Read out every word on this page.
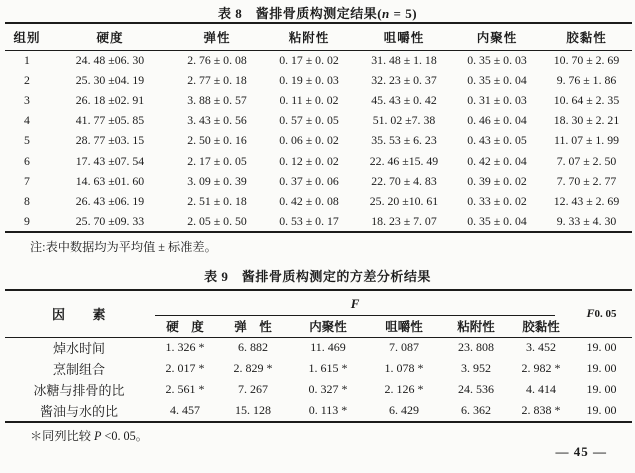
表 8　酱排骨质构测定结果(n = 5)
组别	硬度	弹性	粘附性	咀嚼性	内聚性	胶黏性
1	24. 48 ±06. 30	2. 76 ± 0. 08	0. 17 ± 0. 02	31. 48 ± 1. 18	0. 35 ± 0. 03	10. 70 ± 2. 69
2	25. 30 ±04. 19	2. 77 ± 0. 18	0. 19 ± 0. 03	32. 23 ± 0. 37	0. 35 ± 0. 04	9. 76 ± 1. 86
3	26. 18 ±02. 91	3. 88 ± 0. 57	0. 11 ± 0. 02	45. 43 ± 0. 42	0. 31 ± 0. 03	10. 64 ± 2. 35
4	41. 77 ±05. 85	3. 43 ± 0. 56	0. 57 ± 0. 05	51. 02 ±7. 38	0. 46 ± 0. 04	18. 30 ± 2. 21
5	28. 77 ±03. 15	2. 50 ± 0. 16	0. 06 ± 0. 02	35. 53 ± 6. 23	0. 43 ± 0. 05	11. 07 ± 1. 99
6	17. 43 ±07. 54	2. 17 ± 0. 05	0. 12 ± 0. 02	22. 46 ±15. 49	0. 42 ± 0. 04	7. 07 ± 2. 50
7	14. 63 ±01. 60	3. 09 ± 0. 39	0. 37 ± 0. 06	22. 70 ± 4. 83	0. 39 ± 0. 02	7. 70 ± 2. 77
8	26. 43 ±06. 19	2. 51 ± 0. 18	0. 42 ± 0. 08	25. 20 ±10. 61	0. 33 ± 0. 02	12. 43 ± 2. 69
9	25. 70 ±09. 33	2. 05 ± 0. 50	0. 53 ± 0. 17	18. 23 ± 7. 07	0. 35 ± 0. 04	9. 33 ± 4. 30
注:表中数据均为平均值 ± 标准差。
表 9　酱排骨质构测定的方差分析结果
因　　素	F						F0. 05
	硬　度	弹　性	内聚性	咀嚼性	粘附性	胶黏性	
焯水时间	1. 326 *	6. 882	11. 469	7. 087	23. 808	3. 452	19. 00
烹制组合	2. 017 *	2. 829 *	1. 615 *	1. 078 *	3. 952	2. 982 *	19. 00
冰糖与排骨的比	2. 561 *	7. 267	0. 327 *	2. 126 *	24. 536	4. 414	19. 00
酱油与水的比	4. 457	15. 128	0. 113 *	6. 429	6. 362	2. 838 *	19. 00
＊同列比较 P <0. 05。
— 45 —
